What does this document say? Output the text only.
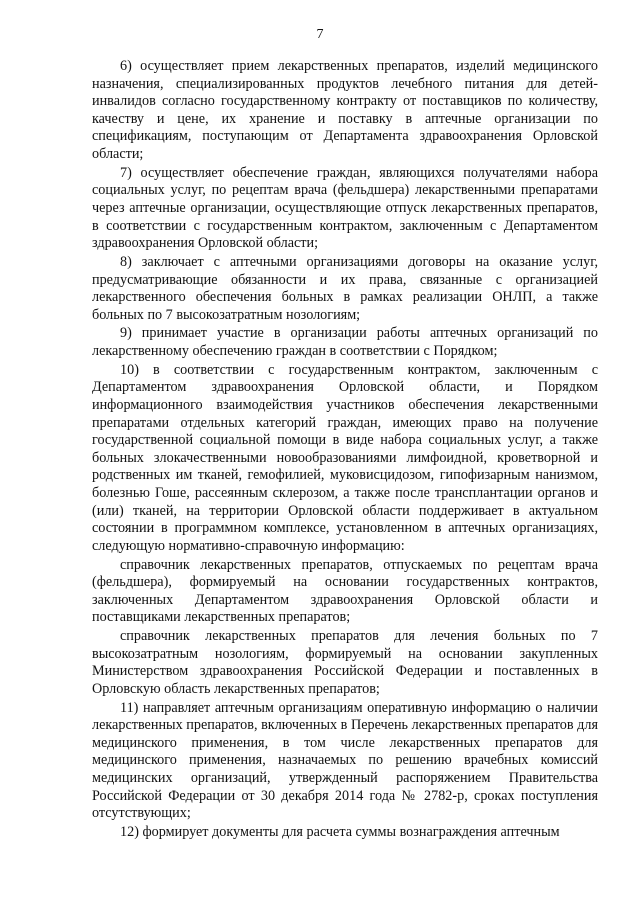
7

6) осуществляет прием лекарственных препаратов, изделий медицинского назначения, специализированных продуктов лечебного питания для детей-инвалидов согласно государственному контракту от поставщиков по количеству, качеству и цене, их хранение и поставку в аптечные организации по спецификациям, поступающим от Департамента здравоохранения Орловской области;

7) осуществляет обеспечение граждан, являющихся получателями набора социальных услуг, по рецептам врача (фельдшера) лекарственными препаратами через аптечные организации, осуществляющие отпуск лекарственных препаратов, в соответствии с государственным контрактом, заключенным с Департаментом здравоохранения Орловской области;

8) заключает с аптечными организациями договоры на оказание услуг, предусматривающие обязанности и их права, связанные с организацией лекарственного обеспечения больных в рамках реализации ОНЛП, а также больных по 7 высокозатратным нозологиям;

9) принимает участие в организации работы аптечных организаций по лекарственному обеспечению граждан в соответствии с Порядком;

10) в соответствии с государственным контрактом, заключенным с Департаментом здравоохранения Орловской области, и Порядком информационного взаимодействия участников обеспечения лекарственными препаратами отдельных категорий граждан, имеющих право на получение государственной социальной помощи в виде набора социальных услуг, а также больных злокачественными новообразованиями лимфоидной, кроветворной и родственных им тканей, гемофилией, муковисцидозом, гипофизарным нанизмом, болезнью Гоше, рассеянным склерозом, а также после трансплантации органов и (или) тканей, на территории Орловской области поддерживает в актуальном состоянии в программном комплексе, установленном в аптечных организациях, следующую нормативно-справочную информацию:

справочник лекарственных препаратов, отпускаемых по рецептам врача (фельдшера), формируемый на основании государственных контрактов, заключенных Департаментом здравоохранения Орловской области и поставщиками лекарственных препаратов;

справочник лекарственных препаратов для лечения больных по 7 высокозатратным нозологиям, формируемый на основании закупленных Министерством здравоохранения Российской Федерации и поставленных в Орловскую область лекарственных препаратов;

11) направляет аптечным организациям оперативную информацию о наличии лекарственных препаратов, включенных в Перечень лекарственных препаратов для медицинского применения, в том числе лекарственных препаратов для медицинского применения, назначаемых по решению врачебных комиссий медицинских организаций, утвержденный распоряжением Правительства Российской Федерации от 30 декабря 2014 года № 2782-р, сроках поступления отсутствующих;

12) формирует документы для расчета суммы вознаграждения аптечным
